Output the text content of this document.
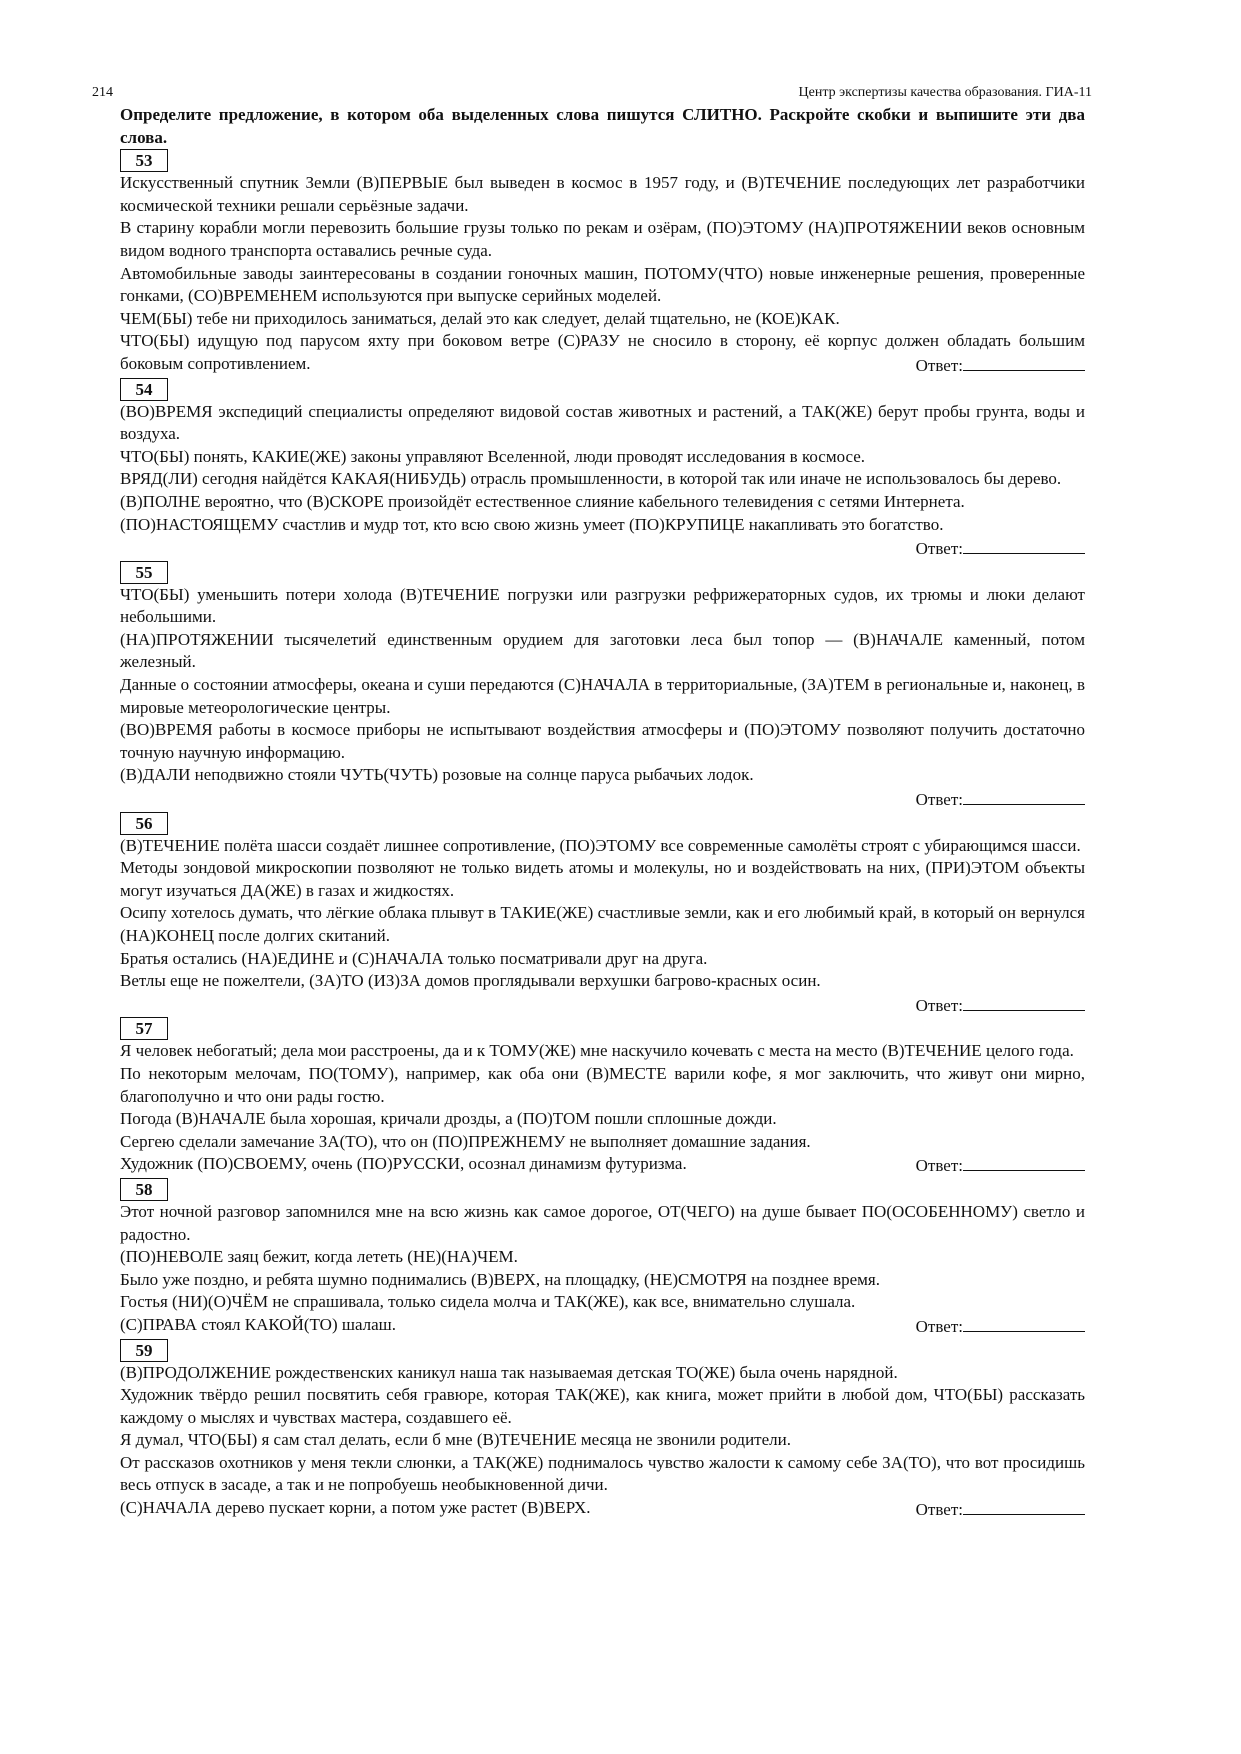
214	Центр экспертизы качества образования. ГИА-11
Определите предложение, в котором оба выделенных слова пишутся СЛИТНО. Раскройте скобки и выпишите эти два слова.
53

Искусственный спутник Земли (В)ПЕРВЫЕ был выведен в космос в 1957 году, и (В)ТЕЧЕНИЕ последующих лет разработчики космической техники решали серьёзные задачи.

В старину корабли могли перевозить большие грузы только по рекам и озёрам, (ПО)ЭТОМУ (НА)ПРОТЯЖЕНИИ веков основным видом водного транспорта оставались речные суда.

Автомобильные заводы заинтересованы в создании гоночных машин, ПОТОМУ(ЧТО) новые инженерные решения, проверенные гонками, (СО)ВРЕМЕНЕМ используются при выпуске серийных моделей.

ЧЕМ(БЫ) тебе ни приходилось заниматься, делай это как следует, делай тщательно, не (КОЕ)КАК.

ЧТО(БЫ) идущую под парусом яхту при боковом ветре (С)РАЗУ не сносило в сторону, её корпус должен обладать большим боковым сопротивлением.	Ответ:
54

(ВО)ВРЕМЯ экспедиций специалисты определяют видовой состав животных и растений, а ТАК(ЖЕ) берут пробы грунта, воды и воздуха.

ЧТО(БЫ) понять, КАКИЕ(ЖЕ) законы управляют Вселенной, люди проводят исследования в космосе.

ВРЯД(ЛИ) сегодня найдётся КАКАЯ(НИБУДЬ) отрасль промышленности, в которой так или иначе не использовалось бы дерево.

(В)ПОЛНЕ вероятно, что (В)СКОРЕ произойдёт естественное слияние кабельного телевидения с сетями Интернета.

(ПО)НАСТОЯЩЕМУ счастлив и мудр тот, кто всю свою жизнь умеет (ПО)КРУПИЦЕ накапливать это богатство.
Ответ:
55

ЧТО(БЫ) уменьшить потери холода (В)ТЕЧЕНИЕ погрузки или разгрузки рефрижераторных судов, их трюмы и люки делают небольшими.

(НА)ПРОТЯЖЕНИИ тысячелетий единственным орудием для заготовки леса был топор — (В)НАЧАЛЕ каменный, потом железный.

Данные о состоянии атмосферы, океана и суши передаются (С)НАЧАЛА в территориальные, (ЗА)ТЕМ в региональные и, наконец, в мировые метеорологические центры.

(ВО)ВРЕМЯ работы в космосе приборы не испытывают воздействия атмосферы и (ПО)ЭТОМУ позволяют получить достаточно точную научную информацию.

(В)ДАЛИ неподвижно стояли ЧУТЬ(ЧУТЬ) розовые на солнце паруса рыбачьих лодок.

Ответ:
56

(В)ТЕЧЕНИЕ полёта шасси создаёт лишнее сопротивление, (ПО)ЭТОМУ все современные самолёты строят с убирающимся шасси.

Методы зондовой микроскопии позволяют не только видеть атомы и молекулы, но и воздействовать на них, (ПРИ)ЭТОМ объекты могут изучаться ДА(ЖЕ) в газах и жидкостях.

Осипу хотелось думать, что лёгкие облака плывут в ТАКИЕ(ЖЕ) счастливые земли, как и его любимый край, в который он вернулся (НА)КОНЕЦ после долгих скитаний.

Братья остались (НА)ЕДИНЕ и (С)НАЧАЛА только посматривали друг на друга.

Ветлы еще не пожелтели, (ЗА)ТО (ИЗ)ЗА домов проглядывали верхушки багрово-красных осин.

Ответ:
57

Я человек небогатый; дела мои расстроены, да и к ТОМУ(ЖЕ) мне наскучило кочевать с места на место (В)ТЕЧЕНИЕ целого года.

По некоторым мелочам, ПО(ТОМУ), например, как оба они (В)МЕСТЕ варили кофе, я мог заключить, что живут они мирно, благополучно и что они рады гостю.

Погода (В)НАЧАЛЕ была хорошая, кричали дрозды, а (ПО)ТОМ пошли сплошные дожди.

Сергею сделали замечание ЗА(ТО), что он (ПО)ПРЕЖНЕМУ не выполняет домашние задания.

Художник (ПО)СВОЕМУ, очень (ПО)РУССКИ, осознал динамизм футуризма.	Ответ:
58

Этот ночной разговор запомнился мне на всю жизнь как самое дорогое, ОТ(ЧЕГО) на душе бывает ПО(ОСОБЕННОМУ) светло и радостно.

(ПО)НЕВОЛЕ заяц бежит, когда лететь (НЕ)(НА)ЧЕМ.

Было уже поздно, и ребята шумно поднимались (В)ВЕРХ, на площадку, (НЕ)СМОТРЯ на позднее время.

Гостья (НИ)(О)ЧЁМ не спрашивала, только сидела молча и ТАК(ЖЕ), как все, внимательно слушала.

(С)ПРАВА стоял КАКОЙ(ТО) шалаш.	Ответ:
59

(В)ПРОДОЛЖЕНИЕ рождественских каникул наша так называемая детская ТО(ЖЕ) была очень нарядной.

Художник твёрдо решил посвятить себя гравюре, которая ТАК(ЖЕ), как книга, может прийти в любой дом, ЧТО(БЫ) рассказать каждому о мыслях и чувствах мастера, создавшего её.

Я думал, ЧТО(БЫ) я сам стал делать, если б мне (В)ТЕЧЕНИЕ месяца не звонили родители.

От рассказов охотников у меня текли слюнки, а ТАК(ЖЕ) поднималось чувство жалости к самому себе ЗА(ТО), что вот просидишь весь отпуск в засаде, а так и не попробуешь необыкновенной дичи.

(С)НАЧАЛА дерево пускает корни, а потом уже растет (В)ВЕРХ.	Ответ:
